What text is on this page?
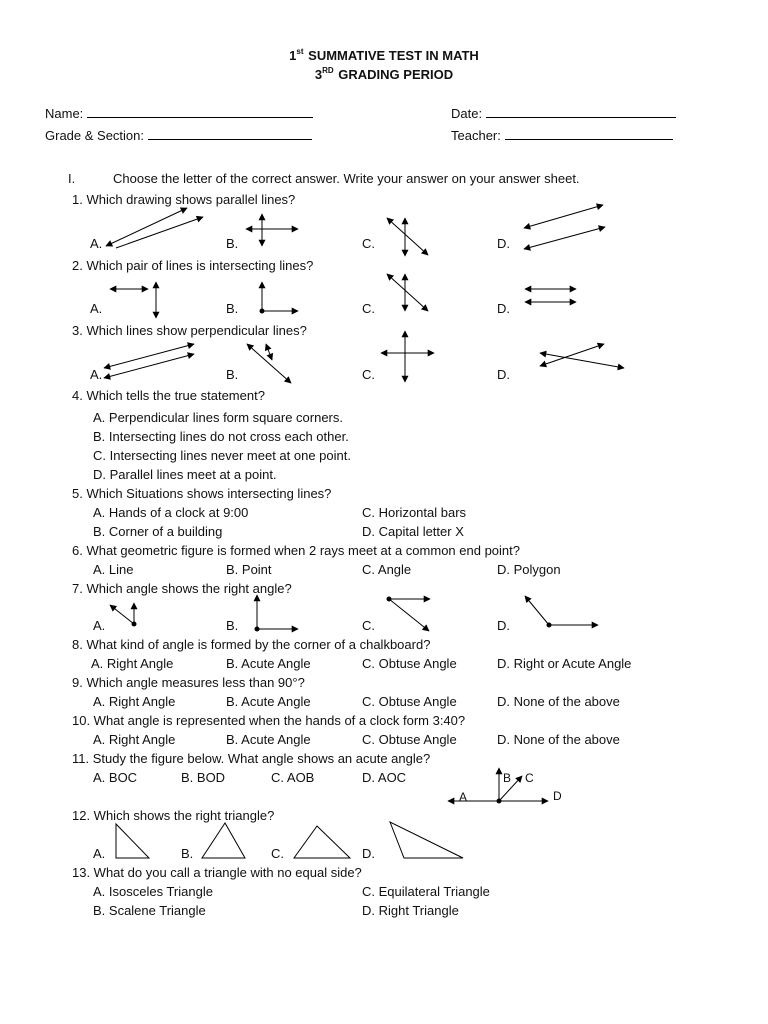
1st SUMMATIVE TEST IN MATH
3RD GRADING PERIOD
Name:
Grade & Section:
Date:
Teacher:
I.	Choose the letter of the correct answer. Write your answer on your answer sheet.
1. Which drawing shows parallel lines?
A.	B.	C.	D.
2. Which pair of lines is intersecting lines?
A.	B.	C.	D.
3. Which lines show perpendicular lines?
A.	B.	C.	D.
4. Which tells the true statement?
A. Perpendicular lines form square corners.
B. Intersecting lines do not cross each other.
C. Intersecting lines never meet at one point.
D. Parallel lines meet at a point.
5. Which Situations shows intersecting lines?
A. Hands of a clock at 9:00	C. Horizontal bars
B. Corner of a building	D. Capital letter X
6. What geometric figure is formed when 2 rays meet at a common end point?
A. Line	B. Point	C. Angle	D. Polygon
7. Which angle shows the right angle?
A.	B.	C.	D.
8. What kind of angle is formed by the corner of a chalkboard?
A. Right Angle	B. Acute Angle	C. Obtuse Angle	D. Right or Acute Angle
9. Which angle measures less than 90°?
A. Right Angle	B. Acute Angle	C. Obtuse Angle	D. None of the above
10. What angle is represented when the hands of a clock form 3:40?
A. Right Angle	B. Acute Angle	C. Obtuse Angle	D. None of the above
11. Study the figure below. What angle shows an acute angle?
A. BOC	B. BOD	C. AOB	D. AOC
A
B C
D
12. Which shows the right triangle?
A.	B.	C.	D.
13. What do you call a triangle with no equal side?
A. Isosceles Triangle	C. Equilateral Triangle
B. Scalene Triangle	D. Right Triangle
